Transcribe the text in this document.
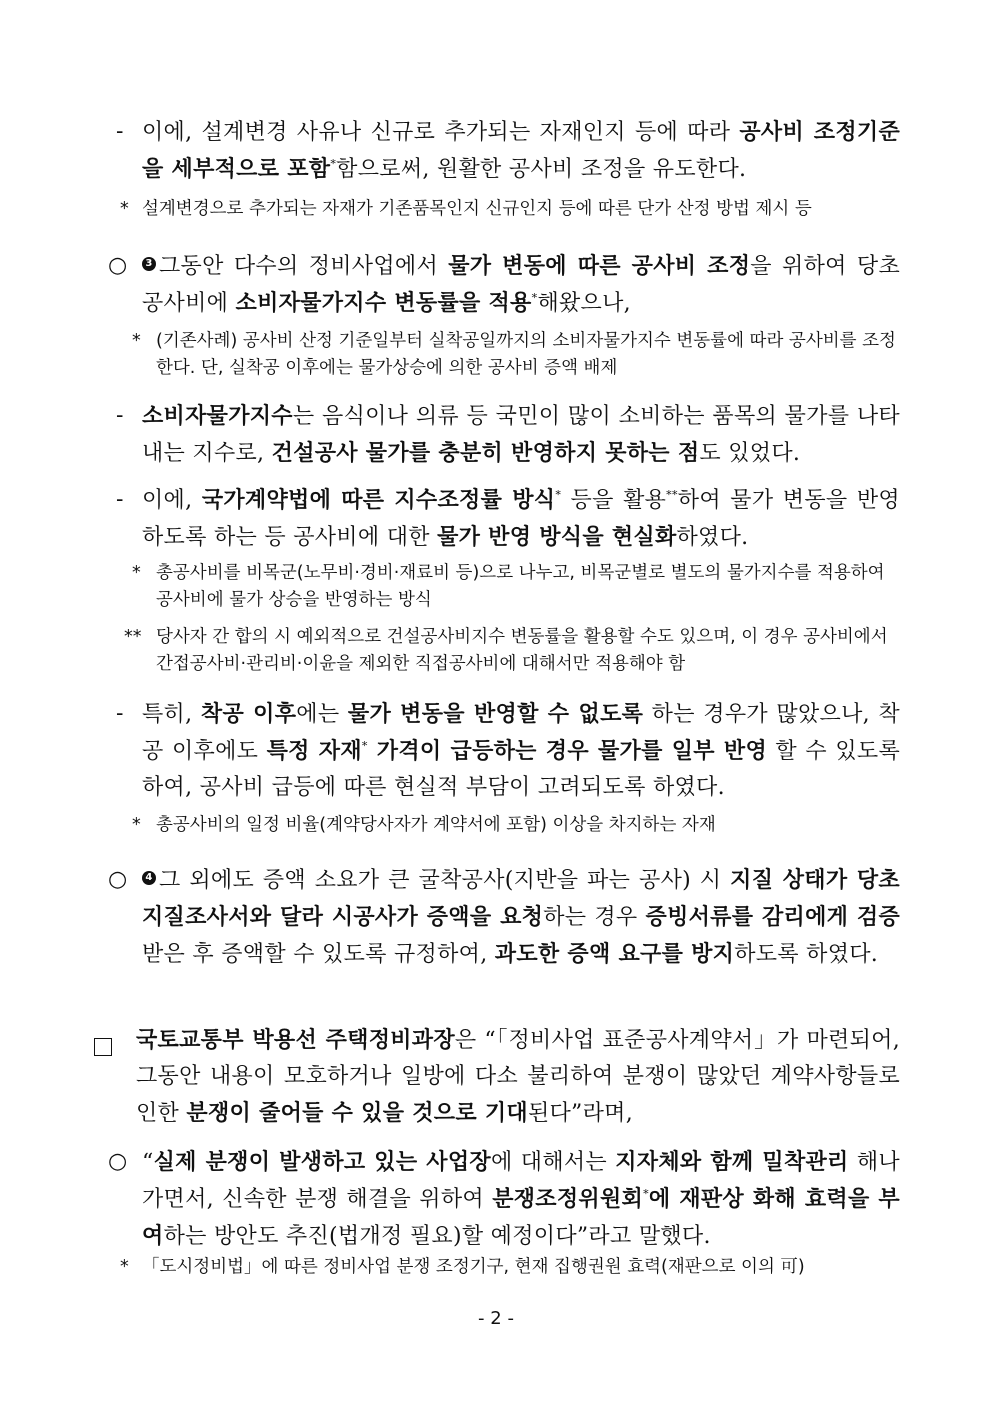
- 이에, 설계변경 사유나 신규로 추가되는 자재인지 등에 따라 공사비 조정기준을 세부적으로 포함*함으로써, 원활한 공사비 조정을 유도한다.
* 설계변경으로 추가되는 자재가 기존품목인지 신규인지 등에 따른 단가 산정 방법 제시 등
○	3 그동안 다수의 정비사업에서 물가 변동에 따른 공사비 조정을 위하여 당초 공사비에 소비자물가지수 변동률을 적용*해왔으나,
* (기존사례) 공사비 산정 기준일부터 실착공일까지의 소비자물가지수 변동률에 따라 공사비를 조정한다. 단, 실착공 이후에는 물가상승에 의한 공사비 증액 배제
- 소비자물가지수는 음식이나 의류 등 국민이 많이 소비하는 품목의 물가를 나타내는 지수로, 건설공사 물가를 충분히 반영하지 못하는 점도 있었다.
- 이에, 국가계약법에 따른 지수조정률 방식* 등을 활용**하여 물가 변동을 반영하도록 하는 등 공사비에 대한 물가 반영 방식을 현실화하였다.
* 총공사비를 비목군(노무비·경비·재료비 등)으로 나누고, 비목군별로 별도의 물가지수를 적용하여 공사비에 물가 상승을 반영하는 방식
** 당사자 간 합의 시 예외적으로 건설공사비지수 변동률을 활용할 수도 있으며, 이 경우 공사비에서 간접공사비·관리비·이윤을 제외한 직접공사비에 대해서만 적용해야 함
- 특히, 착공 이후에는 물가 변동을 반영할 수 없도록 하는 경우가 많았으나, 착공 이후에도 특정 자재* 가격이 급등하는 경우 물가를 일부 반영 할 수 있도록 하여, 공사비 급등에 따른 현실적 부담이 고려되도록 하였다.
* 총공사비의 일정 비율(계약당사자가 계약서에 포함) 이상을 차지하는 자재
○	4 그 외에도 증액 소요가 큰 굴착공사(지반을 파는 공사) 시 지질 상태가 당초 지질조사서와 달라 시공사가 증액을 요청하는 경우 증빙서류를 감리에게 검증받은 후 증액할 수 있도록 규정하여, 과도한 증액 요구를 방지하도록 하였다.
국토교통부 박용선 주택정비과장은 “「정비사업 표준공사계약서」가 마련되어, 그동안 내용이 모호하거나 일방에 다소 불리하여 분쟁이 많았던 계약사항들로 인한 분쟁이 줄어들 수 있을 것으로 기대된다”라며,
○ “실제 분쟁이 발생하고 있는 사업장에 대해서는 지자체와 함께 밀착관리 해나가면서, 신속한 분쟁 해결을 위하여 분쟁조정위원회*에 재판상 화해 효력을 부여하는 방안도 추진(법개정 필요)할 예정이다”라고 말했다.
* 「도시정비법」에 따른 정비사업 분쟁 조정기구, 현재 집행권원 효력(재판으로 이의 可)
- 2 -
